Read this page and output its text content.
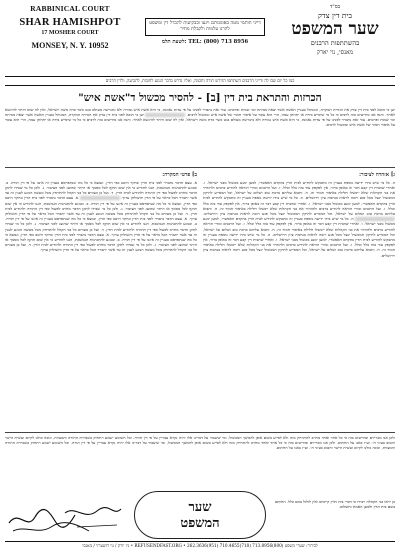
RABBINICAL COURT
SHAR HAMISHPOT
17 MOSHER COURT
MONSEY, N. Y. 10952
דייני חותמי מטה באומנותם ויגעו ובבקיעות להבדל דין ומשפט להרגו עלמות ולקבלת מחיר
TEL: (800) 713 8956 :לשעת תלמ
בס"ד
בית דין צדק
שער המשפט
בהשתתפות הרבנים
מאנסי, נוי יארק
כמו כל יום שבו לה ודייני הרבנים השתתפו הדורש תורה וחכמה, ואליו נדרש בדבר הנוגע לחובות, לתביעה, ולדין הרבים
הכרזות והתראת בית דין [ב] - להסיר מכשול ד"אשת איש"
יען כי הובא לפני בית דין צדק את הגדרת המקרה, המנוהל בעניין האשה אשר יצאה מביתה וכו׳ שמות ופרטים. עוד זאת נתברר לפנינו על פי עדות נאמנה, כי היא אשת איש גמורה ולא נתגרשה מעולם בגט כשר כדת משה וישראל, ואין לה שום היתר להינשא לאחר. והנה אנו מודיעים בזה לרבים כי כל מי שיסייע בידה או יתחתן עמה, הרי הוא עובר על איסור חמור של אשת איש ומכשול לרבים.  יען כי הובא לפני בית דין צדק את הגדרת המקרה, המנוהל בעניין האשה אשר יצאה מביתה וכו׳ שמות ופרטים. עוד זאת נתברר לפנינו על פי עדות נאמנה, כי היא אשת איש גמורה ולא נתגרשה מעולם בגט כשר כדת משה וישראל, ואין לה שום היתר להינשא לאחר. והנה אנו מודיעים בזה לרבים כי כל מי שיסייע בידה או יתחתן עמה, הרי הוא עובר על איסור חמור של אשת איש ומכשול לרבים.
ב] פרטי המקרה:
א. עצם הדבר נתברר לפני בית הדין ונחקר היטב כפי הדין, ונמצא כי כל מה שנתפרסם בעניין זה איננו על פי דין תורה. ב. ובנוגע להתנהגות הנמשכת, הננו להודיע כי אין שום תוקף לכל מסמך או היתר שהוצג לפני הציבור. ג. ולכן כל מי שבידו לתקן הדבר מחויב לפעול כפי דין התורה ולהודיע לבית הדין. ד. ועל כן מצווים כל בני הקהל להתרחק מכל מעשה הנוגע לענין זה עד אשר יתברר הכל כראוי על פי הדין והשולחן ערוך.  א. עצם הדבר נתברר לפני בית הדין ונחקר היטב כפי הדין, ונמצא כי כל מה שנתפרסם בעניין זה איננו על פי דין תורה. ב. ובנוגע להתנהגות הנמשכת, הננו להודיע כי אין שום תוקף לכל מסמך או היתר שהוצג לפני הציבור. ג. ולכן כל מי שבידו לתקן הדבר מחויב לפעול כפי דין התורה ולהודיע לבית הדין. ד. ועל כן מצווים כל בני הקהל להתרחק מכל מעשה הנוגע לענין זה עד אשר יתברר הכל כראוי על פי הדין והשולחן ערוך. א. עצם הדבר נתברר לפני בית הדין ונחקר היטב כפי הדין, ונמצא כי כל מה שנתפרסם בעניין זה איננו על פי דין תורה. ב. ובנוגע להתנהגות הנמשכת, הננו להודיע כי אין שום תוקף לכל מסמך או היתר שהוצג לפני הציבור. ג. ולכן כל מי שבידו לתקן הדבר מחויב לפעול כפי דין התורה ולהודיע לבית הדין. ד. ועל כן מצווים כל בני הקהל להתרחק מכל מעשה הנוגע לענין זה עד אשר יתברר הכל כראוי על פי הדין והשולחן ערוך. א. עצם הדבר נתברר לפני בית הדין ונחקר היטב כפי הדין, ונמצא כי כל מה שנתפרסם בעניין זה איננו על פי דין תורה. ב. ובנוגע להתנהגות הנמשכת, הננו להודיע כי אין שום תוקף לכל מסמך או היתר שהוצג לפני הציבור. ג. ולכן כל מי שבידו לתקן הדבר מחויב לפעול כפי דין התורה ולהודיע לבית הדין. ד. ועל כן מצווים כל בני הקהל להתרחק מכל מעשה הנוגע לענין זה עד אשר יתברר הכל כראוי על פי הדין והשולחן ערוך.
ג] אזהרה לציבור:
ה. כל מי שיש בידו ידיעה נוספת בעניין זה מתבקש להודיע לבית הדין בהקדם האפשרי, למען ימנע מכשול מבני ישראל. ו. ואחרי שהבית דין קבע דבר זה באופן ברור, אין לפקפק עוד בזה כלל וכלל. ז. ועל הרבנים ומורי הוראה להודיע ברבים ולהזהיר את בני הקהלות שלא ייכשלו חלילה באיסור חמור זה. ח. ותבוא עליהם ברכת טוב ושלום על ישראל, וכל המסייע לתיקון המכשול ינצל מכל פגע ויזכה לראות בנחמת ציון וירושלים. ה. כל מי שיש בידו ידיעה נוספת בעניין זה מתבקש להודיע לבית הדין בהקדם האפשרי, למען ימנע מכשול מבני ישראל. ו. ואחרי שהבית דין קבע דבר זה באופן ברור, אין לפקפק עוד בזה כלל וכלל. ז. ועל הרבנים ומורי הוראה להודיע ברבים ולהזהיר את בני הקהלות שלא ייכשלו חלילה באיסור חמור זה. ח. ותבוא עליהם ברכת טוב ושלום על ישראל, וכל המסייע לתיקון המכשול ינצל מכל פגע ויזכה לראות בנחמת ציון וירושלים.  ה. כל מי שיש בידו ידיעה נוספת בעניין זה מתבקש להודיע לבית הדין בהקדם האפשרי, למען ימנע מכשול מבני ישראל. ו. ואחרי שהבית דין קבע דבר זה באופן ברור, אין לפקפק עוד בזה כלל וכלל. ז. ועל הרבנים ומורי הוראה להודיע ברבים ולהזהיר את בני הקהלות שלא ייכשלו חלילה באיסור חמור זה. ח. ותבוא עליהם ברכת טוב ושלום על ישראל, וכל המסייע לתיקון המכשול ינצל מכל פגע ויזכה לראות בנחמת ציון וירושלים. ה. כל מי שיש בידו ידיעה נוספת בעניין זה מתבקש להודיע לבית הדין בהקדם האפשרי, למען ימנע מכשול מבני ישראל. ו. ואחרי שהבית דין קבע דבר זה באופן ברור, אין לפקפק עוד בזה כלל וכלל. ז. ועל הרבנים ומורי הוראה להודיע ברבים ולהזהיר את בני הקהלות שלא ייכשלו חלילה באיסור חמור זה. ח. ותבוא עליהם ברכת טוב ושלום על ישראל, וכל המסייע לתיקון המכשול ינצל מכל פגע ויזכה לראות בנחמת ציון וירושלים.
ולכן אנו מכריזים ומודיעים בזה כי כל אחד ואחד מחויב להתרחק מזה ולא לסייע בשום אופן להמשך המכשול, ומי שיעבור על דברינו אלו יהיה נקרא עבריין על פי דין תורה. וכל השומע ישמע ויתחזק בשמירת התורה והמצוות, ונזכה כולנו לקיום ועשית הישר והטוב בעיני ה׳. וע״ז באנו על החתום. ולכן אנו מכריזים ומודיעים בזה כי כל אחד ואחד מחויב להתרחק מזה ולא לסייע בשום אופן להמשך המכשול, ומי שיעבור על דברינו אלו יהיה נקרא עבריין על פי דין תורה. וכל השומע ישמע ויתחזק בשמירת התורה והמצוות, ונזכה כולנו לקיום ועשית הישר והטוב בעיני ה׳. וע״ז באנו על החתום.
שער
המשפט
כן יראו בני הקהלה ויכירו כי דברי בית הדין קיימים ואין לזלזל בהם כלל. החותם בשם בית הדין ולמען האמת והשלום.
לבירור: שערי משפט (800)713.8956 (718)710.4655 (951)262.3636 • REFUSENDFAST.ORG • ניו יורק / נוי דזשערזי / מאנסי
